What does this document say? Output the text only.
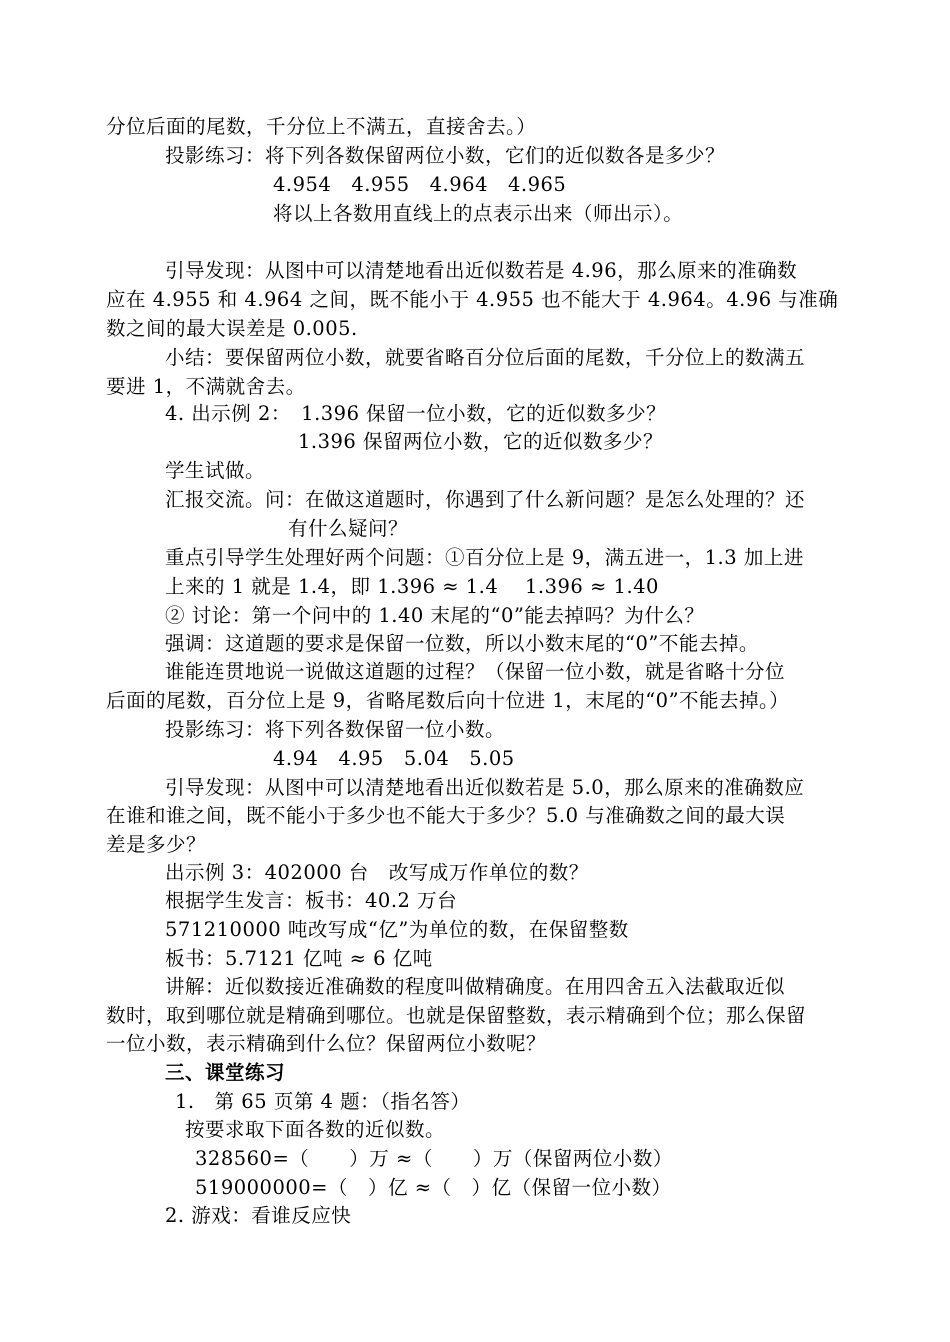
分位后面的尾数，千分位上不满五，直接舍去。）

投影练习：将下列各数保留两位小数，它们的近似数各是多少？

4.954　4.955　4.964　4.965

将以上各数用直线上的点表示出来（师出示）。

引导发现：从图中可以清楚地看出近似数若是 4.96，那么原来的准确数

应在 4.955 和 4.964 之间，既不能小于 4.955 也不能大于 4.964。4.96 与准确

数之间的最大误差是 0.005.

小结：要保留两位小数，就要省略百分位后面的尾数，千分位上的数满五

要进 1，不满就舍去。

4. 出示例 2：　1.396 保留一位小数，它的近似数多少？

1.396 保留两位小数，它的近似数多少？

学生试做。

汇报交流。问：在做这道题时，你遇到了什么新问题？是怎么处理的？还

有什么疑问？

重点引导学生处理好两个问题：①百分位上是 9，满五进一，1.3 加上进

上来的 1 就是 1.4，即 1.396 ≈ 1.4　 1.396 ≈ 1.40

② 讨论：第一个问中的 1.40 末尾的“0”能去掉吗？为什么？

强调：这道题的要求是保留一位数，所以小数末尾的“0”不能去掉。

谁能连贯地说一说做这道题的过程？（保留一位小数，就是省略十分位

后面的尾数，百分位上是 9，省略尾数后向十位进 1，末尾的“0”不能去掉。）

投影练习：将下列各数保留一位小数。

4.94　4.95　5.04　5.05

引导发现：从图中可以清楚地看出近似数若是 5.0，那么原来的准确数应

在谁和谁之间，既不能小于多少也不能大于多少？5.0 与准确数之间的最大误

差是多少？

出示例 3：402000 台　改写成万作单位的数？

根据学生发言：板书：40.2 万台

571210000 吨改写成“亿”为单位的数，在保留整数

板书：5.7121 亿吨 ≈ 6 亿吨

讲解：近似数接近准确数的程度叫做精确度。在用四舍五入法截取近似

数时，取到哪位就是精确到哪位。也就是保留整数，表示精确到个位；那么保留

一位小数，表示精确到什么位？保留两位小数呢？

三、课堂练习

1.　第 65 页第 4 题：（指名答）

按要求取下面各数的近似数。

328560=（　　）万 ≈（　　）万（保留两位小数）

519000000=（　）亿 ≈（　）亿（保留一位小数）

2. 游戏：看谁反应快
